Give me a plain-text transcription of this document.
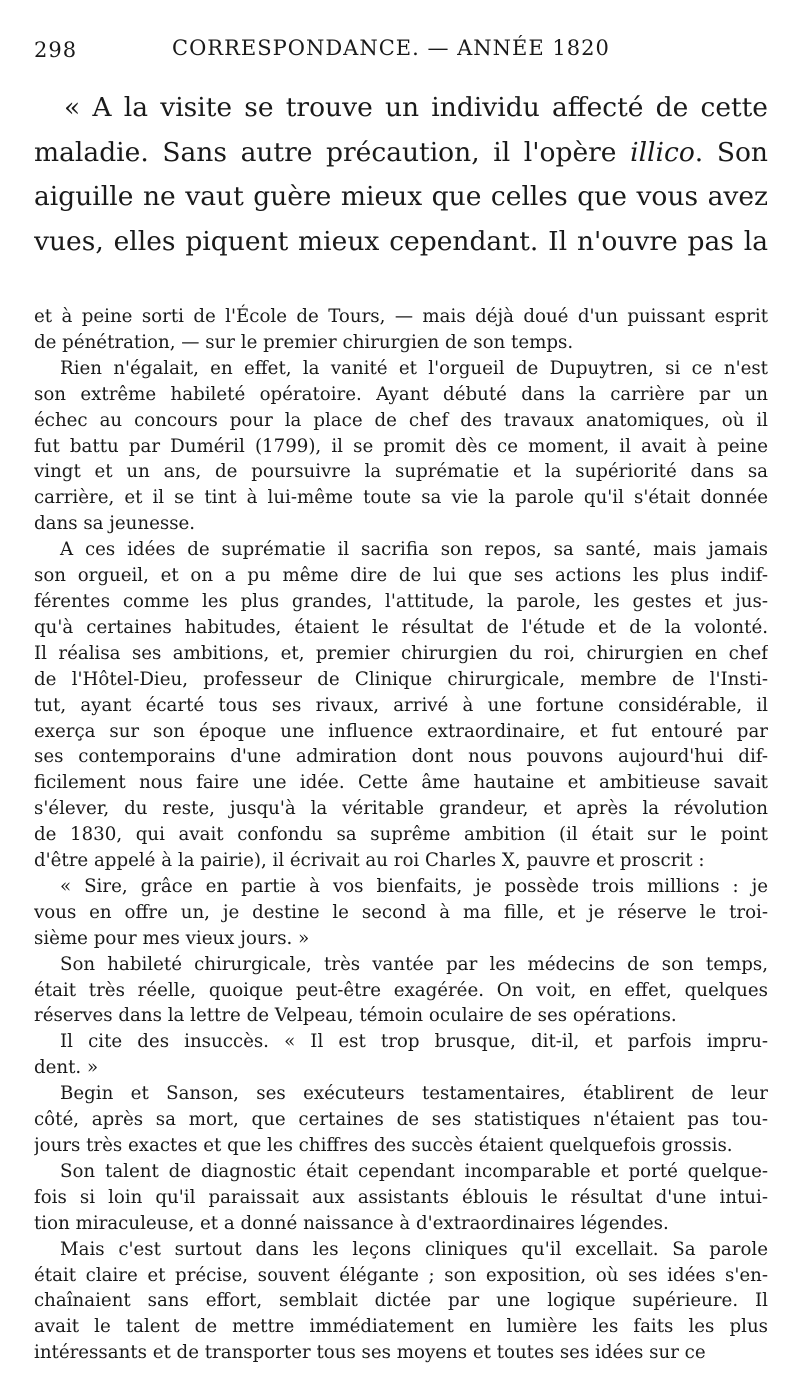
298	CORRESPONDANCE. — ANNÉE 1820
« A la visite se trouve un individu affecté de cette
maladie. Sans autre précaution, il l'opère illico. Son
aiguille ne vaut guère mieux que celles que vous avez
vues, elles piquent mieux cependant. Il n'ouvre pas la
et à peine sorti de l'École de Tours, — mais déjà doué d'un puissant esprit
de pénétration, — sur le premier chirurgien de son temps.
Rien n'égalait, en effet, la vanité et l'orgueil de Dupuytren, si ce n'est
son extrême habileté opératoire. Ayant débuté dans la carrière par un
échec au concours pour la place de chef des travaux anatomiques, où il
fut battu par Duméril (1799), il se promit dès ce moment, il avait à peine
vingt et un ans, de poursuivre la suprématie et la supériorité dans sa
carrière, et il se tint à lui-même toute sa vie la parole qu'il s'était donnée
dans sa jeunesse.
A ces idées de suprématie il sacrifia son repos, sa santé, mais jamais
son orgueil, et on a pu même dire de lui que ses actions les plus indif-
férentes comme les plus grandes, l'attitude, la parole, les gestes et jus-
qu'à certaines habitudes, étaient le résultat de l'étude et de la volonté.
Il réalisa ses ambitions, et, premier chirurgien du roi, chirurgien en chef
de l'Hôtel-Dieu, professeur de Clinique chirurgicale, membre de l'Insti-
tut, ayant écarté tous ses rivaux, arrivé à une fortune considérable, il
exerça sur son époque une influence extraordinaire, et fut entouré par
ses contemporains d'une admiration dont nous pouvons aujourd'hui dif-
ficilement nous faire une idée. Cette âme hautaine et ambitieuse savait
s'élever, du reste, jusqu'à la véritable grandeur, et après la révolution
de 1830, qui avait confondu sa suprême ambition (il était sur le point
d'être appelé à la pairie), il écrivait au roi Charles X, pauvre et proscrit :
« Sire, grâce en partie à vos bienfaits, je possède trois millions : je
vous en offre un, je destine le second à ma fille, et je réserve le troi-
sième pour mes vieux jours. »
Son habileté chirurgicale, très vantée par les médecins de son temps,
était très réelle, quoique peut-être exagérée. On voit, en effet, quelques
réserves dans la lettre de Velpeau, témoin oculaire de ses opérations.
Il cite des insuccès. « Il est trop brusque, dit-il, et parfois impru-
dent. »
Begin et Sanson, ses exécuteurs testamentaires, établirent de leur
côté, après sa mort, que certaines de ses statistiques n'étaient pas tou-
jours très exactes et que les chiffres des succès étaient quelquefois grossis.
Son talent de diagnostic était cependant incomparable et porté quelque-
fois si loin qu'il paraissait aux assistants éblouis le résultat d'une intui-
tion miraculeuse, et a donné naissance à d'extraordinaires légendes.
Mais c'est surtout dans les leçons cliniques qu'il excellait. Sa parole
était claire et précise, souvent élégante ; son exposition, où ses idées s'en-
chaînaient sans effort, semblait dictée par une logique supérieure. Il
avait le talent de mettre immédiatement en lumière les faits les plus
intéressants et de transporter tous ses moyens et toutes ses idées sur ce
